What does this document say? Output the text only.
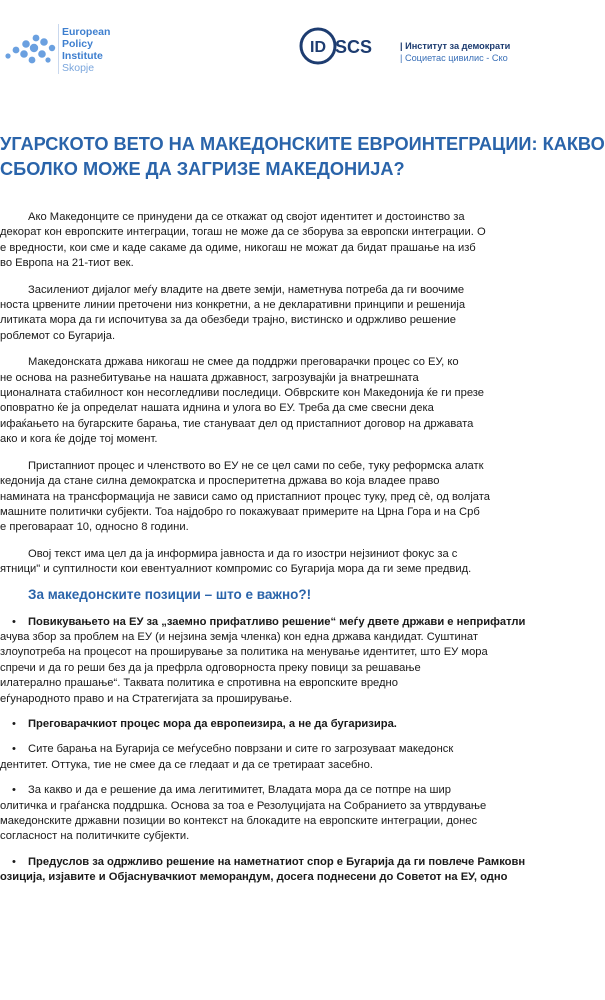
European
Policy
Institute
Skopje
ID SCS	| Институт за демократи
| Социетас цивилис - Ско
УГАРСКОТО ВЕТО НА МАКЕДОНСКИТЕ ЕВРОИНТЕГРАЦИИ: КАКВО
СБОЛКО МОЖЕ ДА ЗАГРИЗЕ МАКЕДОНИЈА?

Ако Македонците се принудени да се откажат од својот идентитет и достоинство за
декорат кон европските интеграции, тогаш не може да се зборува за европски интеграции. О
е вредности, кои сме и каде сакаме да одиме, никогаш не можат да бидат прашање на изб
во Европа на 21-тиот век.

Засилениот дијалог меѓу владите на двете земји, наметнува потреба да ги воочиме
носта црвените линии преточени низ конкретни, а не декларативни принципи и решенија
литиката мора да ги испочитува за да обезбеди трајно, вистинско и одржливо решение
роблемот со Бугарија.

Македонската држава никогаш не смее да поддржи преговарачки процес со ЕУ, ко
не основа на разнебитување на нашата државност, загрозувајќи ја внатрешната
ционалната стабилност кон несогледливи последици. Обврските кон Македонија ќе ги презе
оповратно ќе ја определат нашата иднина и улога во ЕУ. Треба да сме свесни дека
ифаќањето на бугарските барања, тие стануваат дел од пристапниот договор на државата
ако и кога ќе дојде тој момент.

Пристапниот процес и членството во ЕУ не се цел сами по себе, туку реформска алатк
кедонија да стане силна демократска и просперитетна држава во која владее право
намината на трансформација не зависи само од пристапниот процес туку, пред сè, од волјата
машните политички субјекти. Тоа најдобро го покажуваат примерите на Црна Гора и на Срб
е преговараат 10, односно 8 години.

Овој текст има цел да ја информира јавноста и да го изостри нејзиниот фокус за с
ятници" и суптилности кои евентуалниот компромис со Бугарија мора да ги земе предвид.

За македонските позиции – што е важно?!
• Повикувањето на ЕУ за „заемно прифатливо решение“ меѓу двете држави е неприфатли
ачува збор за проблем на ЕУ (и нејзина земја членка) кон една држава кандидат. Суштинат
злоупотреба на процесот на проширување за политика на менување идентитет, што ЕУ мора
спречи и да го реши без да ја префрла одговорноста преку повици за решавање
илатерално прашање“. Таквата политика е спротивна на европските вредно
еѓународното право и на Стратегијата за проширување.
• Преговарачкиот процес мора да европеизира, а не да бугаризира.
• Сите барања на Бугарија се меѓусебно поврзани и сите го загрозуваат македонск
дентитет. Оттука, тие не смее да се гледаат и да се третираат засебно.
• За какво и да е решение да има легитимитет, Владата мора да се потпре на шир
олитичка и граѓанска поддршка. Основа за тоа е Резолуцијата на Собранието за утврдување
македонските државни позиции во контекст на блокадите на европските интеграции, донес
согласност на политичките субјекти.
• Предуслов за одржливо решение на наметнатиот спор е Бугарија да ги повлече Рамковн
озиција, изјавите и Објаснувачкиот меморандум, досега поднесени до Советот на ЕУ, одно
